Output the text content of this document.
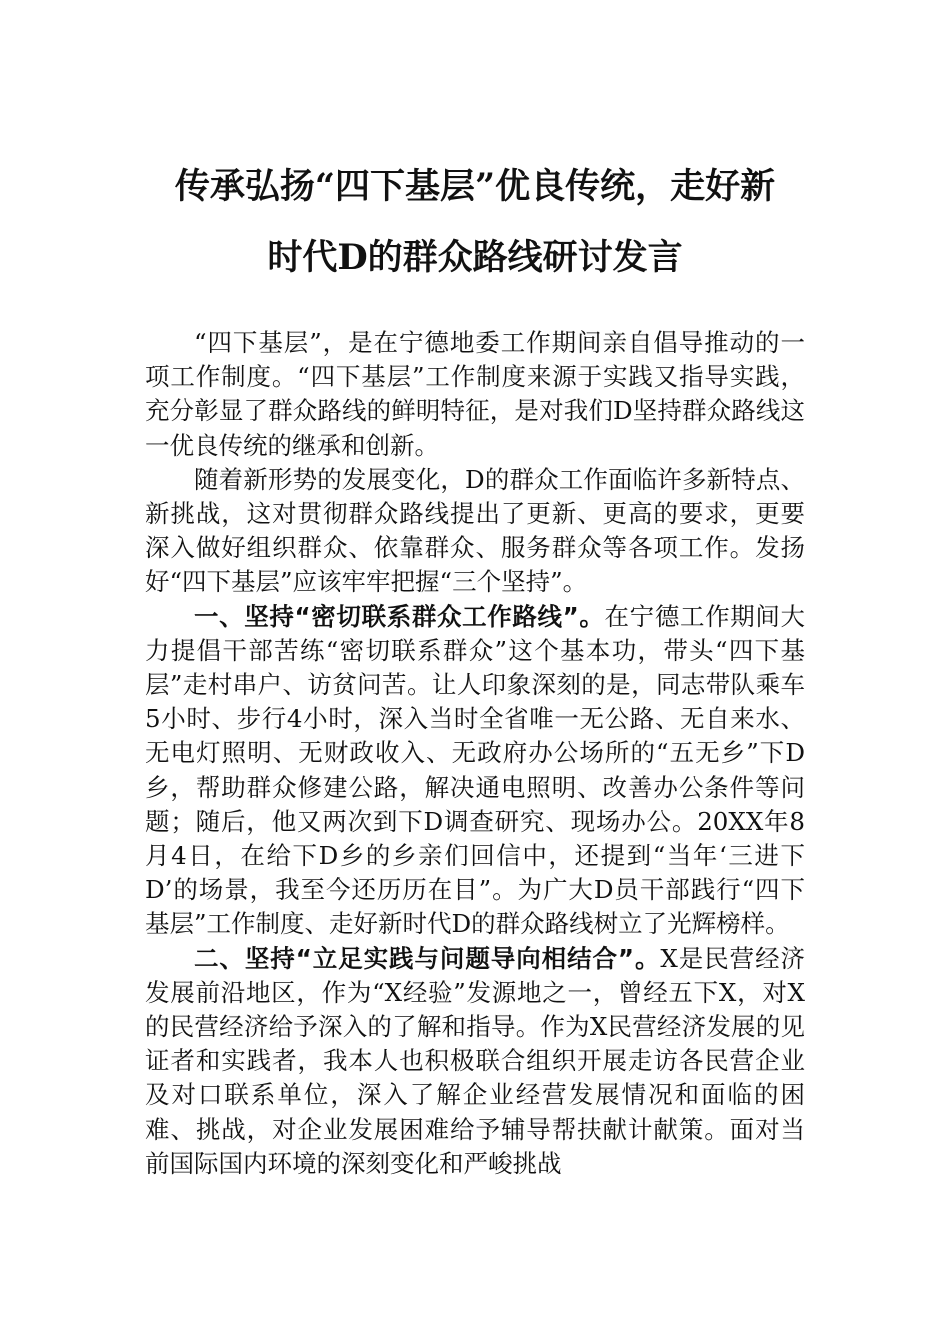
传承弘扬“四下基层”优良传统，走好新
时代D的群众路线研讨发言

“四下基层”，是在宁德地委工作期间亲自倡导推动的一项工作制度。“四下基层”工作制度来源于实践又指导实践，充分彰显了群众路线的鲜明特征，是对我们D坚持群众路线这一优良传统的继承和创新。

随着新形势的发展变化，D的群众工作面临许多新特点、新挑战，这对贯彻群众路线提出了更新、更高的要求，更要深入做好组织群众、依靠群众、服务群众等各项工作。发扬好“四下基层”应该牢牢把握“三个坚持”。

一、坚持“密切联系群众工作路线”。在宁德工作期间大力提倡干部苦练“密切联系群众”这个基本功，带头“四下基层”走村串户、访贫问苦。让人印象深刻的是，同志带队乘车5小时、步行4小时，深入当时全省唯一无公路、无自来水、无电灯照明、无财政收入、无政府办公场所的“五无乡”下D乡，帮助群众修建公路，解决通电照明、改善办公条件等问题；随后，他又两次到下D调查研究、现场办公。20XX年8月4日，在给下D乡的乡亲们回信中，还提到“当年‘三进下D’的场景，我至今还历历在目”。为广大D员干部践行“四下基层”工作制度、走好新时代D的群众路线树立了光辉榜样。

二、坚持“立足实践与问题导向相结合”。X是民营经济发展前沿地区，作为“X经验”发源地之一，曾经五下X，对X的民营经济给予深入的了解和指导。作为X民营经济发展的见证者和实践者，我本人也积极联合组织开展走访各民营企业及对口联系单位，深入了解企业经营发展情况和面临的困难、挑战，对企业发展困难给予辅导帮扶献计献策。面对当前国际国内环境的深刻变化和严峻挑战
